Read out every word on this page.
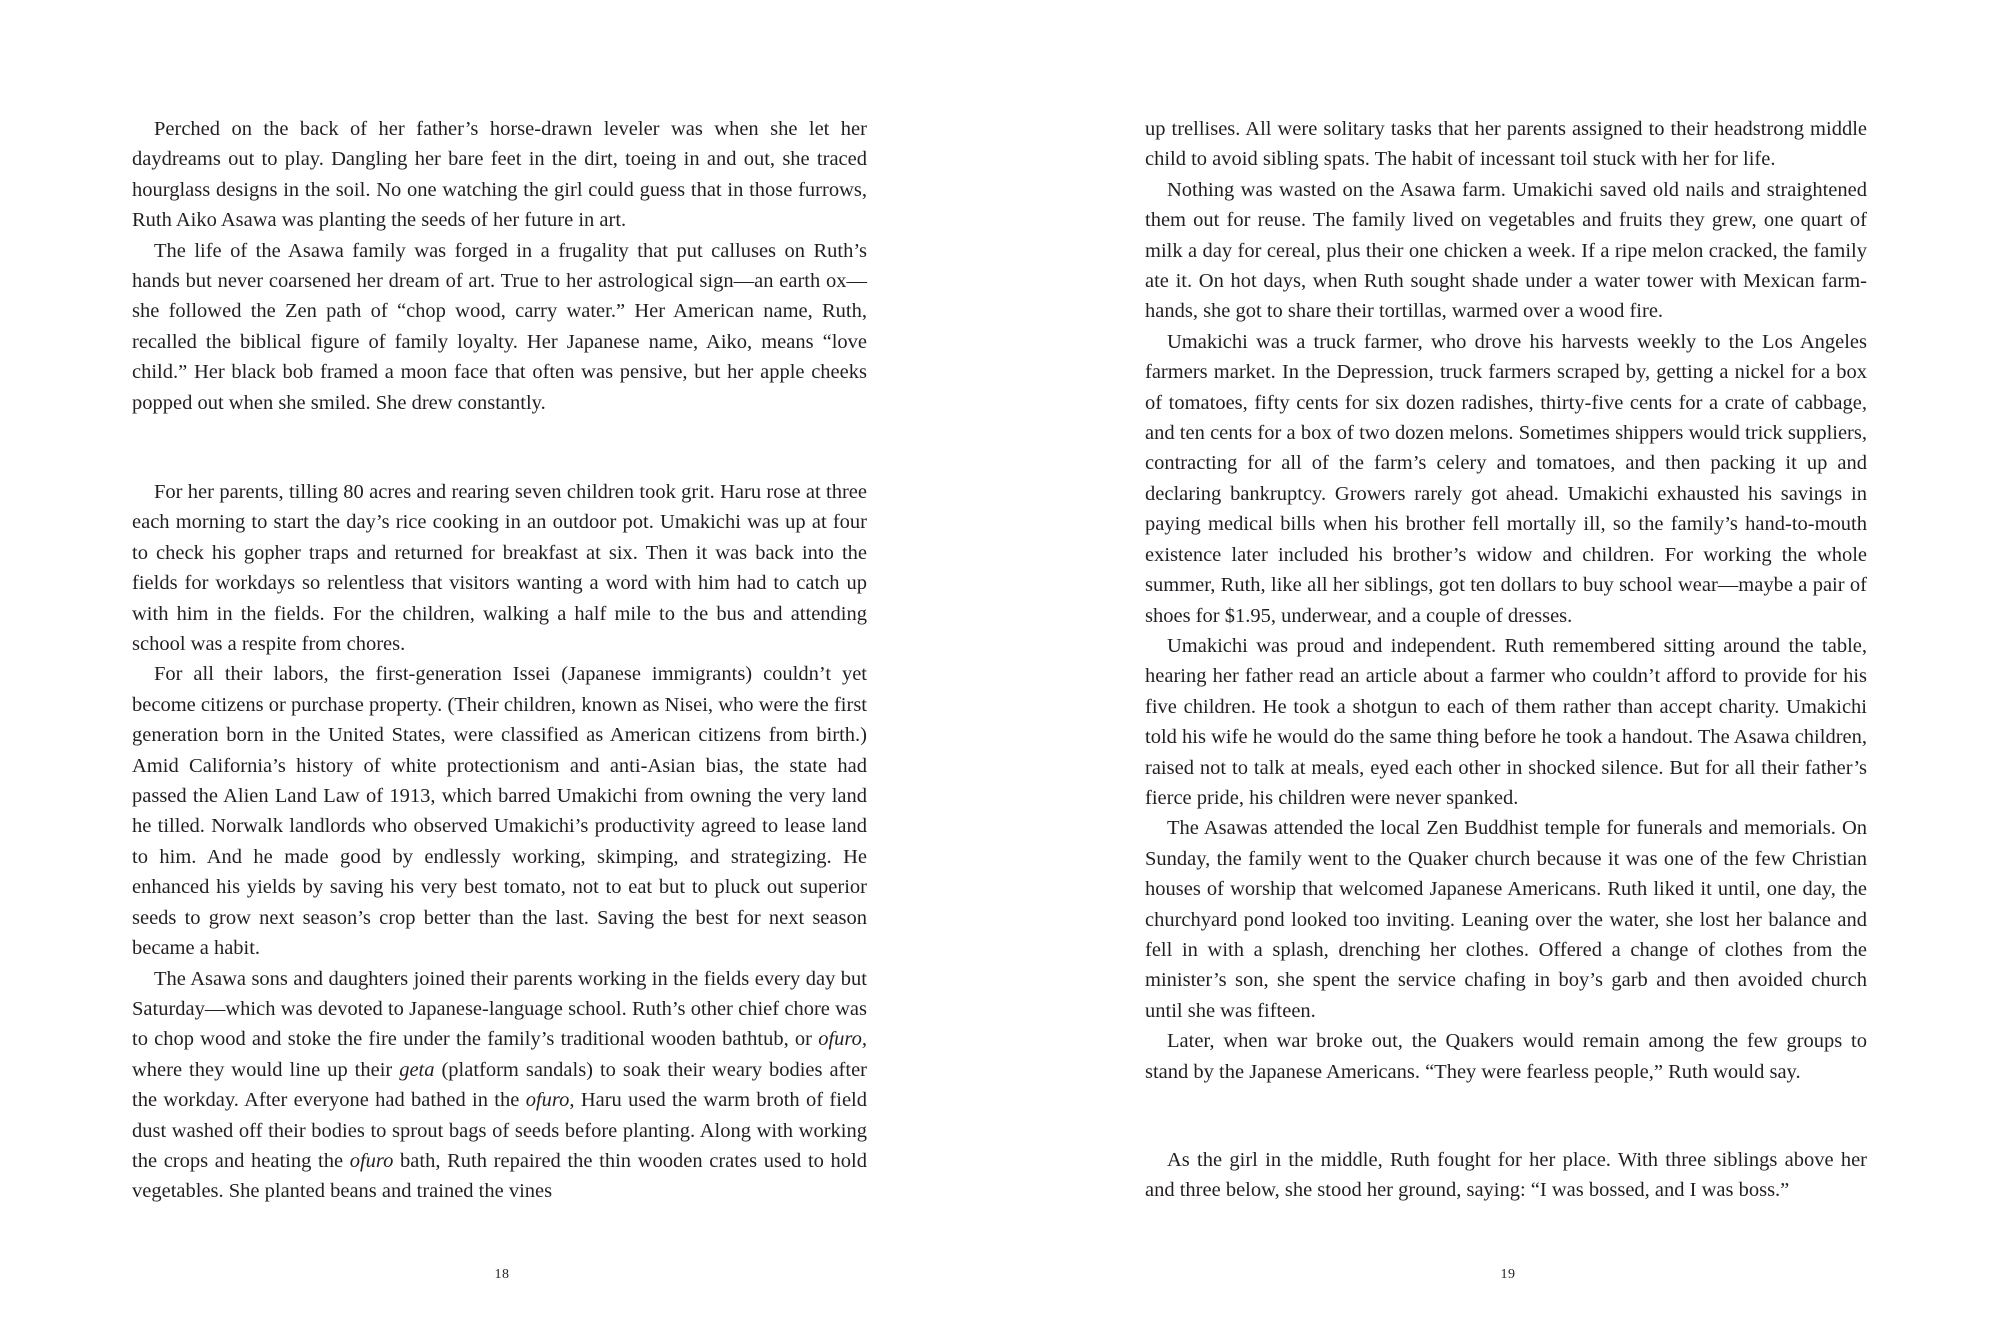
Perched on the back of her father’s horse-drawn leveler was when she let her daydreams out to play. Dangling her bare feet in the dirt, toeing in and out, she traced hourglass designs in the soil. No one watching the girl could guess that in those furrows, Ruth Aiko Asawa was planting the seeds of her future in art.

The life of the Asawa family was forged in a frugality that put calluses on Ruth’s hands but never coarsened her dream of art. True to her astrological sign—an earth ox—she followed the Zen path of “chop wood, carry water.” Her American name, Ruth, recalled the biblical figure of family loyalty. Her Japanese name, Aiko, means “love child.” Her black bob framed a moon face that often was pensive, but her apple cheeks popped out when she smiled. She drew constantly.

For her parents, tilling 80 acres and rearing seven children took grit. Haru rose at three each morning to start the day’s rice cooking in an outdoor pot. Umakichi was up at four to check his gopher traps and returned for breakfast at six. Then it was back into the fields for workdays so relentless that visitors wanting a word with him had to catch up with him in the fields. For the children, walking a half mile to the bus and attending school was a respite from chores.

For all their labors, the first-generation Issei (Japanese immigrants) couldn’t yet become citizens or purchase property. (Their children, known as Nisei, who were the first generation born in the United States, were classified as American citizens from birth.) Amid California’s history of white protectionism and anti-Asian bias, the state had passed the Alien Land Law of 1913, which barred Umakichi from owning the very land he tilled. Norwalk landlords who observed Umakichi’s productivity agreed to lease land to him. And he made good by endlessly working, skimping, and strategizing. He enhanced his yields by saving his very best tomato, not to eat but to pluck out superior seeds to grow next season’s crop better than the last. Saving the best for next season became a habit.

The Asawa sons and daughters joined their parents working in the fields every day but Saturday—which was devoted to Japanese-language school. Ruth’s other chief chore was to chop wood and stoke the fire under the family’s traditional wooden bathtub, or ofuro, where they would line up their geta (platform sandals) to soak their weary bodies after the workday. After everyone had bathed in the ofuro, Haru used the warm broth of field dust washed off their bodies to sprout bags of seeds before planting. Along with working the crops and heating the ofuro bath, Ruth repaired the thin wooden crates used to hold vegetables. She planted beans and trained the vines

18

up trellises. All were solitary tasks that her parents assigned to their headstrong middle child to avoid sibling spats. The habit of incessant toil stuck with her for life.

Nothing was wasted on the Asawa farm. Umakichi saved old nails and straightened them out for reuse. The family lived on vegetables and fruits they grew, one quart of milk a day for cereal, plus their one chicken a week. If a ripe melon cracked, the family ate it. On hot days, when Ruth sought shade under a water tower with Mexican farmhands, she got to share their tortillas, warmed over a wood fire.

Umakichi was a truck farmer, who drove his harvests weekly to the Los Angeles farmers market. In the Depression, truck farmers scraped by, getting a nickel for a box of tomatoes, fifty cents for six dozen radishes, thirty-five cents for a crate of cabbage, and ten cents for a box of two dozen melons. Sometimes shippers would trick suppliers, contracting for all of the farm’s celery and tomatoes, and then packing it up and declaring bankruptcy. Growers rarely got ahead. Umakichi exhausted his savings in paying medical bills when his brother fell mortally ill, so the family’s hand-to-mouth existence later included his brother’s widow and children. For working the whole summer, Ruth, like all her siblings, got ten dollars to buy school wear—maybe a pair of shoes for $1.95, underwear, and a couple of dresses.

Umakichi was proud and independent. Ruth remembered sitting around the table, hearing her father read an article about a farmer who couldn’t afford to provide for his five children. He took a shotgun to each of them rather than accept charity. Umakichi told his wife he would do the same thing before he took a handout. The Asawa children, raised not to talk at meals, eyed each other in shocked silence. But for all their father’s fierce pride, his children were never spanked.

The Asawas attended the local Zen Buddhist temple for funerals and memorials. On Sunday, the family went to the Quaker church because it was one of the few Christian houses of worship that welcomed Japanese Americans. Ruth liked it until, one day, the churchyard pond looked too inviting. Leaning over the water, she lost her balance and fell in with a splash, drenching her clothes. Offered a change of clothes from the minister’s son, she spent the service chafing in boy’s garb and then avoided church until she was fifteen.

Later, when war broke out, the Quakers would remain among the few groups to stand by the Japanese Americans. “They were fearless people,” Ruth would say.

As the girl in the middle, Ruth fought for her place. With three siblings above her and three below, she stood her ground, saying: “I was bossed, and I was boss.”

19
